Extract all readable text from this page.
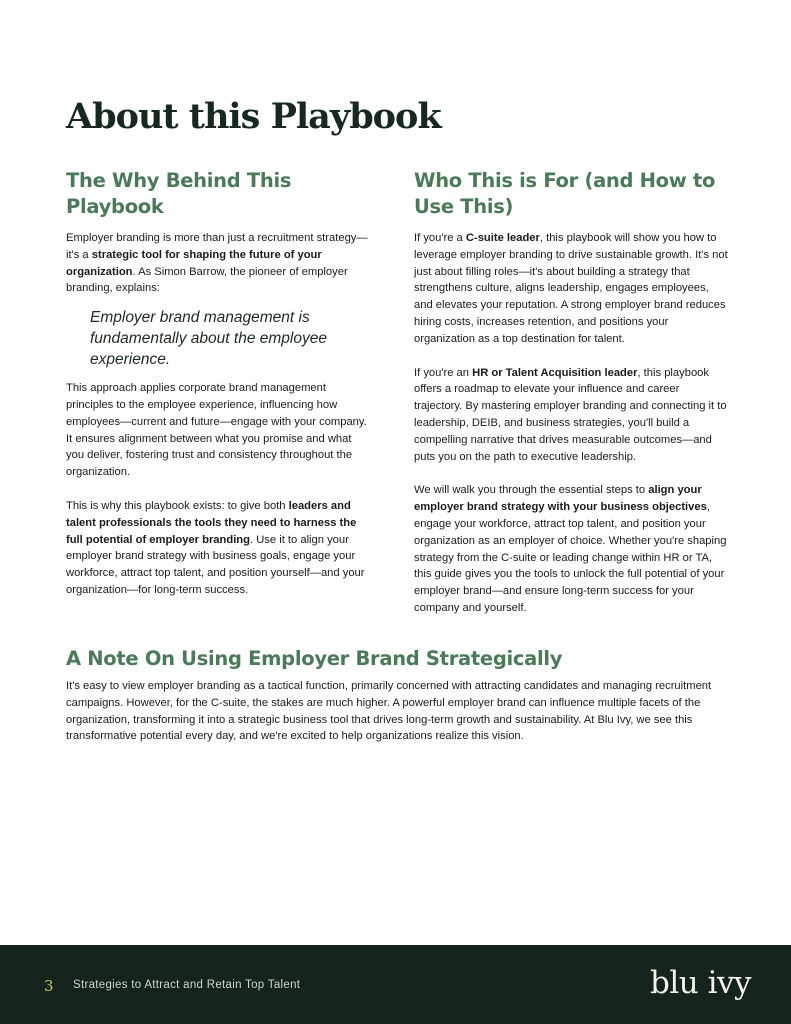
About this Playbook
The Why Behind This Playbook

Employer branding is more than just a recruitment strategy—it's a strategic tool for shaping the future of your organization. As Simon Barrow, the pioneer of employer branding, explains:

Employer brand management is fundamentally about the employee experience.

This approach applies corporate brand management principles to the employee experience, influencing how employees—current and future—engage with your company. It ensures alignment between what you promise and what you deliver, fostering trust and consistency throughout the organization.

This is why this playbook exists: to give both leaders and talent professionals the tools they need to harness the full potential of employer branding. Use it to align your employer brand strategy with business goals, engage your workforce, attract top talent, and position yourself—and your organization—for long-term success.

Who This is For (and How to Use This)

If you're a C-suite leader, this playbook will show you how to leverage employer branding to drive sustainable growth. It's not just about filling roles—it's about building a strategy that strengthens culture, aligns leadership, engages employees, and elevates your reputation. A strong employer brand reduces hiring costs, increases retention, and positions your organization as a top destination for talent.

If you're an HR or Talent Acquisition leader, this playbook offers a roadmap to elevate your influence and career trajectory. By mastering employer branding and connecting it to leadership, DEIB, and business strategies, you'll build a compelling narrative that drives measurable outcomes—and puts you on the path to executive leadership.

We will walk you through the essential steps to align your employer brand strategy with your business objectives, engage your workforce, attract top talent, and position your organization as an employer of choice. Whether you're shaping strategy from the C-suite or leading change within HR or TA, this guide gives you the tools to unlock the full potential of your employer brand—and ensure long-term success for your company and yourself.

A Note On Using Employer Brand Strategically

It's easy to view employer branding as a tactical function, primarily concerned with attracting candidates and managing recruitment campaigns. However, for the C-suite, the stakes are much higher. A powerful employer brand can influence multiple facets of the organization, transforming it into a strategic business tool that drives long-term growth and sustainability. At Blu Ivy, we see this transformative potential every day, and we're excited to help organizations realize this vision.

3 Strategies to Attract and Retain Top Talent	blu ivy
